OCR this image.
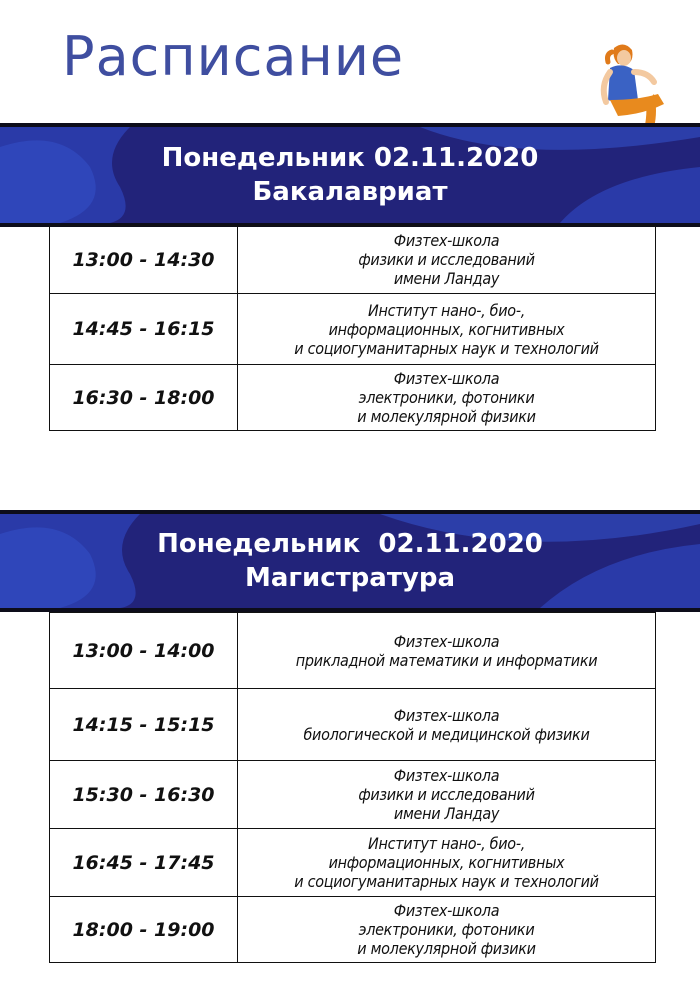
Расписание
Понедельник 02.11.2020
Бакалавриат
13:00 - 14:30	Физтех-школа
физики и исследований
имени Ландау

14:45 - 16:15	Институт нано-, био-,
информационных, когнитивных
и социогуманитарных наук и технологий

16:30 - 18:00	Физтех-школа
электроники, фотоники
и молекулярной физики
Понедельник  02.11.2020
Магистратура
13:00 - 14:00	Физтех-школа
прикладной математики и информатики

14:15 - 15:15	Физтех-школа
биологической и медицинской физики

15:30 - 16:30	Физтех-школа
физики и исследований
имени Ландау

16:45 - 17:45	Институт нано-, био-,
информационных, когнитивных
и социогуманитарных наук и технологий

18:00 - 19:00	Физтех-школа
электроники, фотоники
и молекулярной физики
